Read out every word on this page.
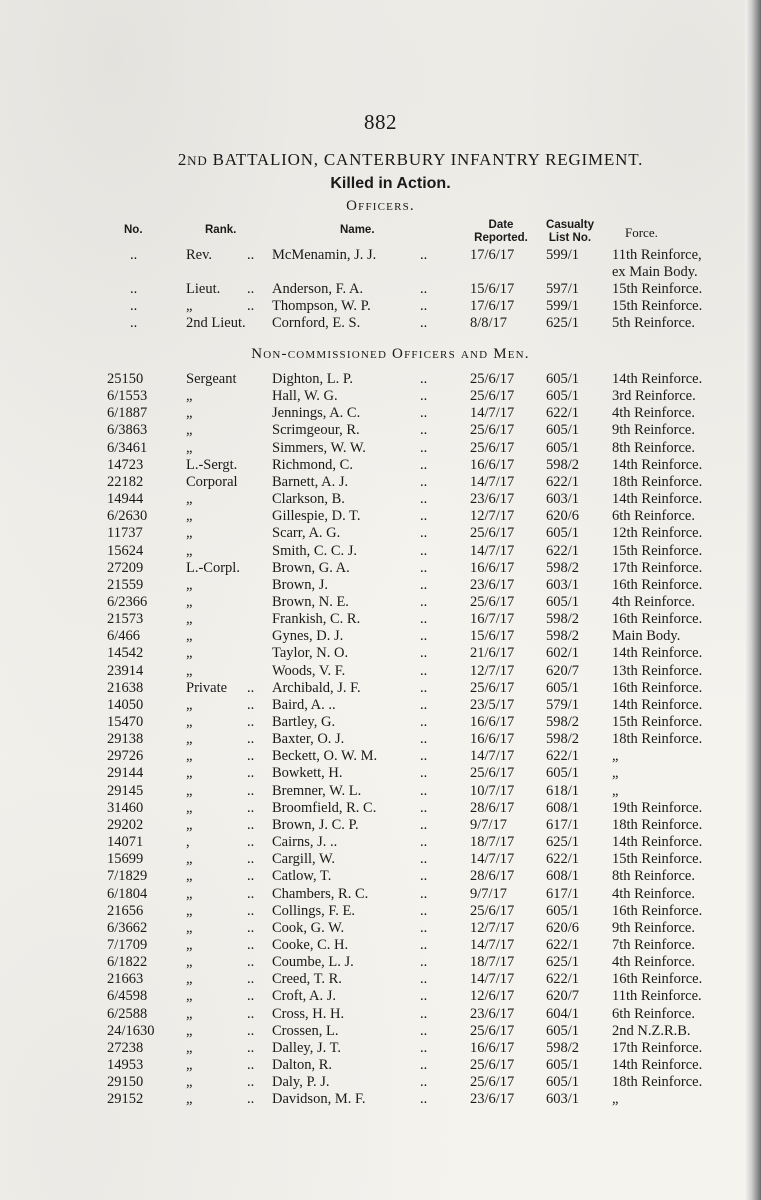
882
2ND BATTALION, CANTERBURY INFANTRY REGIMENT.
Killed in Action.
Officers.
No.	Rank.	Name.	Date
Reported.
Casualty
List No.	Force.
..	Rev. .. McMenamin, J. J.	..	17/6/17 599/1 11th Reinforce,
ex Main Body.
..	Lieut. .. Anderson, F. A.	..	15/6/17 597/1 15th Reinforce.
..	„	.. Thompson, W. P.	..	17/6/17 599/1 15th Reinforce.
..	2nd Lieut. Cornford, E. S.	..	8/8/17	625/1 5th Reinforce.
Non-commissioned Officers and Men.
25150	Sergeant Dighton, L. P.	..	25/6/17 605/1 14th Reinforce.
6/1553	„	Hall, W. G.	..	25/6/17 605/1 3rd Reinforce.
6/1887	„	Jennings, A. C.	..	14/7/17 622/1 4th Reinforce.
6/3863	„	Scrimgeour, R.	..	25/6/17 605/1 9th Reinforce.
6/3461	„	Simmers, W. W.	..	25/6/17 605/1 8th Reinforce.
14723	L.-Sergt. Richmond, C.	..	16/6/17 598/2 14th Reinforce.
22182	Corporal Barnett, A. J.	..	14/7/17 622/1 18th Reinforce.
14944	„	Clarkson, B.	..	23/6/17 603/1 14th Reinforce.
6/2630	„	Gillespie, D. T.	..	12/7/17 620/6 6th Reinforce.
11737	„	Scarr, A. G.	..	25/6/17 605/1 12th Reinforce.
15624	„	Smith, C. C. J.	..	14/7/17 622/1 15th Reinforce.
27209	L.-Corpl. Brown, G. A.	..	16/6/17 598/2 17th Reinforce.
21559	„	Brown, J.	..	23/6/17 603/1 16th Reinforce.
6/2366	„	Brown, N. E.	..	25/6/17 605/1 4th Reinforce.
21573	„	Frankish, C. R.	..	16/7/17 598/2 16th Reinforce.
6/466	„	Gynes, D. J.	..	15/6/17 598/2 Main Body.
14542	„	Taylor, N. O.	..	21/6/17 602/1 14th Reinforce.
23914	„	Woods, V. F.	..	12/7/17 620/7 13th Reinforce.
21638	Private .. Archibald, J. F.	..	25/6/17 605/1 16th Reinforce.
14050	„	.. Baird, A. ..	..	23/5/17 579/1 14th Reinforce.
15470	„	.. Bartley, G.	..	16/6/17 598/2 15th Reinforce.
29138	„	.. Baxter, O. J.	..	16/6/17 598/2 18th Reinforce.
29726	„	.. Beckett, O. W. M.	..	14/7/17 622/1 „
29144	„	.. Bowkett, H.	..	25/6/17 605/1 „
29145	„	.. Bremner, W. L.	..	10/7/17 618/1 „
31460	„	.. Broomfield, R. C.	..	28/6/17 608/1 19th Reinforce.
29202	„	.. Brown, J. C. P.	..	9/7/17	617/1 18th Reinforce.
14071	,	.. Cairns, J. ..	..	18/7/17 625/1 14th Reinforce.
15699	„	.. Cargill, W.	..	14/7/17 622/1 15th Reinforce.
7/1829	„	.. Catlow, T.	..	28/6/17 608/1 8th Reinforce.
6/1804	„	.. Chambers, R. C.	..	9/7/17	617/1 4th Reinforce.
21656	„	.. Collings, F. E.	..	25/6/17 605/1 16th Reinforce.
6/3662	„	.. Cook, G. W.	..	12/7/17 620/6 9th Reinforce.
7/1709	„	.. Cooke, C. H.	..	14/7/17 622/1 7th Reinforce.
6/1822	„	.. Coumbe, L. J.	..	18/7/17 625/1 4th Reinforce.
21663	„	.. Creed, T. R.	..	14/7/17 622/1 16th Reinforce.
6/4598	„	.. Croft, A. J.	..	12/6/17 620/7 11th Reinforce.
6/2588	„	.. Cross, H. H.	..	23/6/17 604/1 6th Reinforce.
24/1630 „	.. Crossen, L.	..	25/6/17 605/1 2nd N.Z.R.B.
27238	„	.. Dalley, J. T.	..	16/6/17 598/2 17th Reinforce.
14953	„	.. Dalton, R.	..	25/6/17 605/1 14th Reinforce.
29150	„	.. Daly, P. J.	..	25/6/17 605/1 18th Reinforce.
29152	„	.. Davidson, M. F.	..	23/6/17 603/1 „
